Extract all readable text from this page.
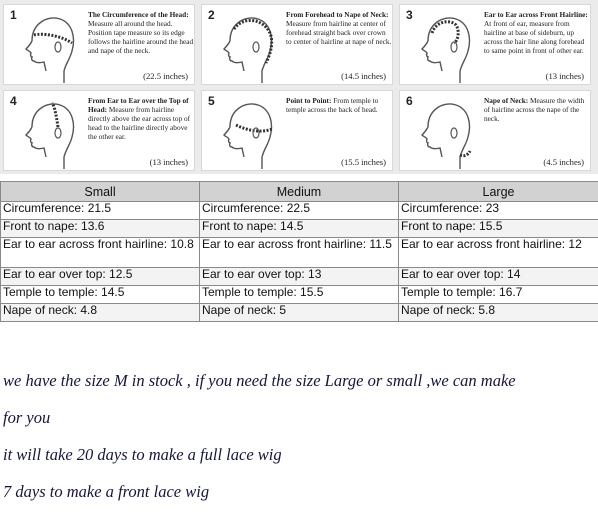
1	The Circumference of the Head: Measure all around the head. Position tape measure so its edge follows the hairline around the head and nape of the neck.
(22.5 inches)
2	From Forehead to Nape of Neck: Measure from hairline at center of forehead straight back over crown to center of hairline at nape of neck.
(14.5 inches)
3	Ear to Ear across Front Hairline: At front of ear, measure from hairline at base of sideburn, up across the hair line along forehead to same point in front of other ear.
(13 inches)
4	From Ear to Ear over the Top of Head: Measure from hairline directly above the ear across top of head to the hairline directly above the other ear.
(13 inches)
5	Point to Point: From temple to temple across the back of head.
(15.5 inches)
6	Nape of Neck: Measure the width of hairline across the nape of the neck.
(4.5 inches)
Small	Medium	Large
Circumference: 21.5	Circumference: 22.5	Circumference: 23
Front to nape: 13.6	Front to nape: 14.5	Front to nape: 15.5
Ear to ear across front hairline: 10.8	Ear to ear across front hairline: 11.5	Ear to ear across front hairline: 12
Ear to ear over top: 12.5	Ear to ear over top: 13	Ear to ear over top: 14
Temple to temple: 14.5	Temple to temple: 15.5	Temple to temple: 16.7
Nape of neck: 4.8	Nape of neck: 5	Nape of neck: 5.8
we have the size M in stock , if you need the size Large or small ,we can make
for you
it will take 20 days to make a full lace wig
7 days to make a front lace wig
